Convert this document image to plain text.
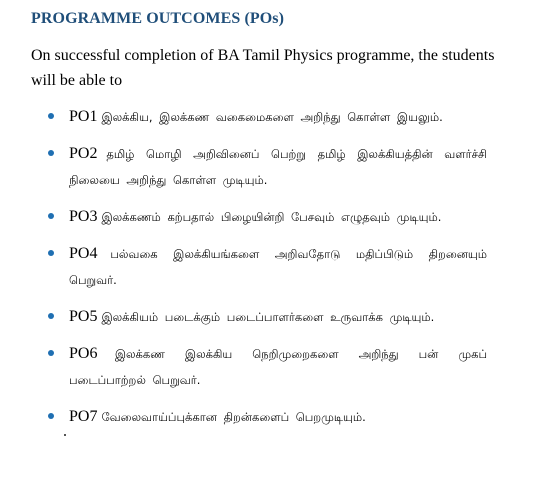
PROGRAMME OUTCOMES (POs)
On successful completion of BA Tamil Physics programme, the students will be able to
PO1 இலக்கிய, இலக்கண வகைமைகளை அறிந்து கொள்ள இயலும்.
PO2 தமிழ் மொழி அறிவினைப் பெற்று தமிழ் இலக்கியத்தின் வளர்ச்சி நிலையை அறிந்து கொள்ள முடியும்.
PO3 இலக்கணம் கற்பதால் பிழையின்றி பேசவும் எழுதவும் முடியும்.
PO4 பல்வகை இலக்கியங்களை அறிவதோடு மதிப்பிடும் திறனையும் பெறுவர்.
PO5 இலக்கியம் படைக்கும் படைப்பாளர்களை உருவாக்க முடியும்.
PO6 இலக்கண இலக்கிய நெறிமுறைகளை அறிந்து பன் முகப் படைப்பாற்றல் பெறுவர்.
PO7 வேலைவாய்ப்புக்கான திறன்களைப் பெறமுடியும்.
